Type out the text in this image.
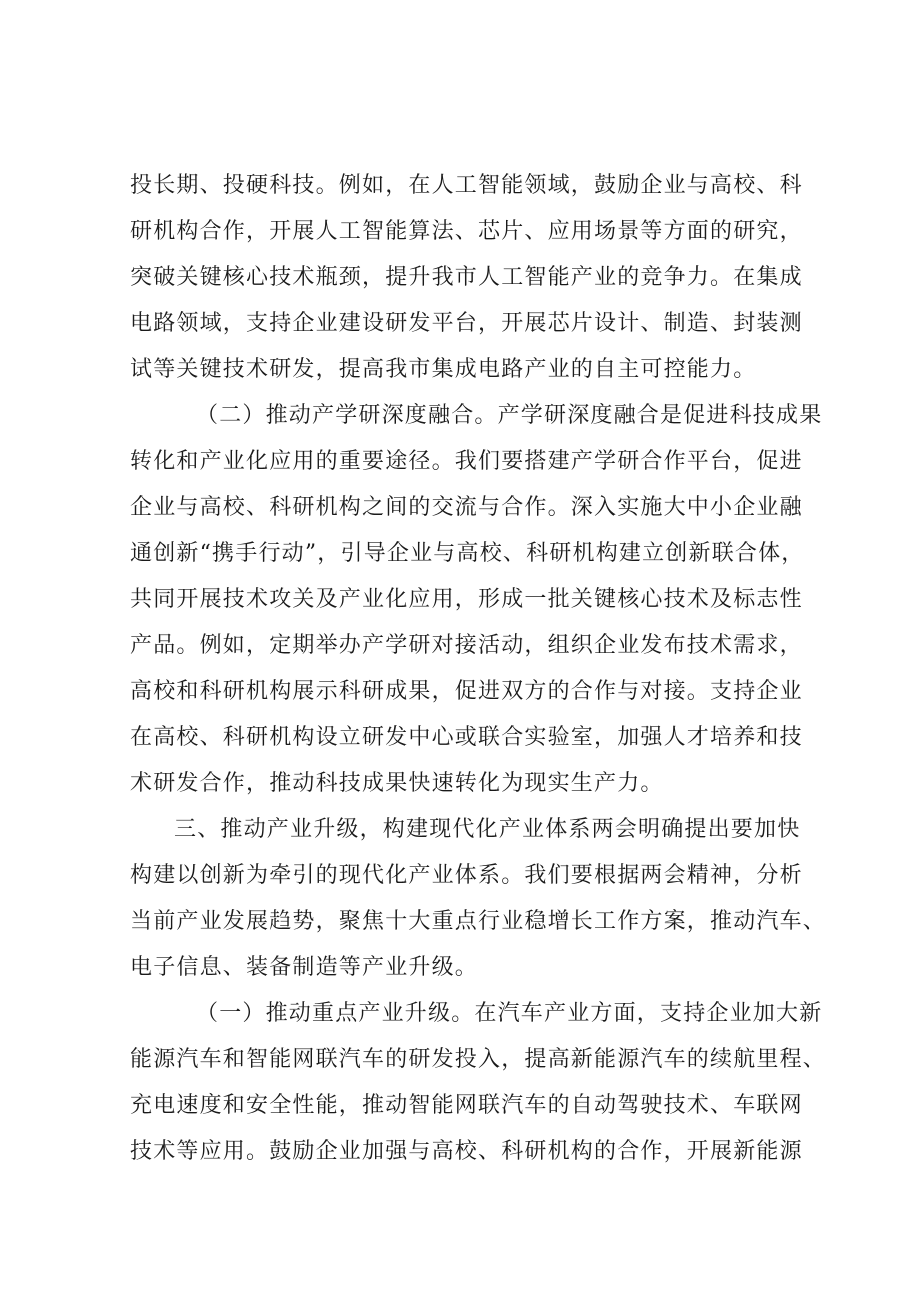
投长期、投硬科技。例如，在人工智能领域，鼓励企业与高校、科
研机构合作，开展人工智能算法、芯片、应用场景等方面的研究，
突破关键核心技术瓶颈，提升我市人工智能产业的竞争力。在集成
电路领域，支持企业建设研发平台，开展芯片设计、制造、封装测
试等关键技术研发，提高我市集成电路产业的自主可控能力。
（二）推动产学研深度融合。产学研深度融合是促进科技成果
转化和产业化应用的重要途径。我们要搭建产学研合作平台，促进
企业与高校、科研机构之间的交流与合作。深入实施大中小企业融
通创新“携手行动”，引导企业与高校、科研机构建立创新联合体，
共同开展技术攻关及产业化应用，形成一批关键核心技术及标志性
产品。例如，定期举办产学研对接活动，组织企业发布技术需求，
高校和科研机构展示科研成果，促进双方的合作与对接。支持企业
在高校、科研机构设立研发中心或联合实验室，加强人才培养和技
术研发合作，推动科技成果快速转化为现实生产力。
三、推动产业升级，构建现代化产业体系两会明确提出要加快
构建以创新为牵引的现代化产业体系。我们要根据两会精神，分析
当前产业发展趋势，聚焦十大重点行业稳增长工作方案，推动汽车、
电子信息、装备制造等产业升级。
（一）推动重点产业升级。在汽车产业方面，支持企业加大新
能源汽车和智能网联汽车的研发投入，提高新能源汽车的续航里程、
充电速度和安全性能，推动智能网联汽车的自动驾驶技术、车联网
技术等应用。鼓励企业加强与高校、科研机构的合作，开展新能源
